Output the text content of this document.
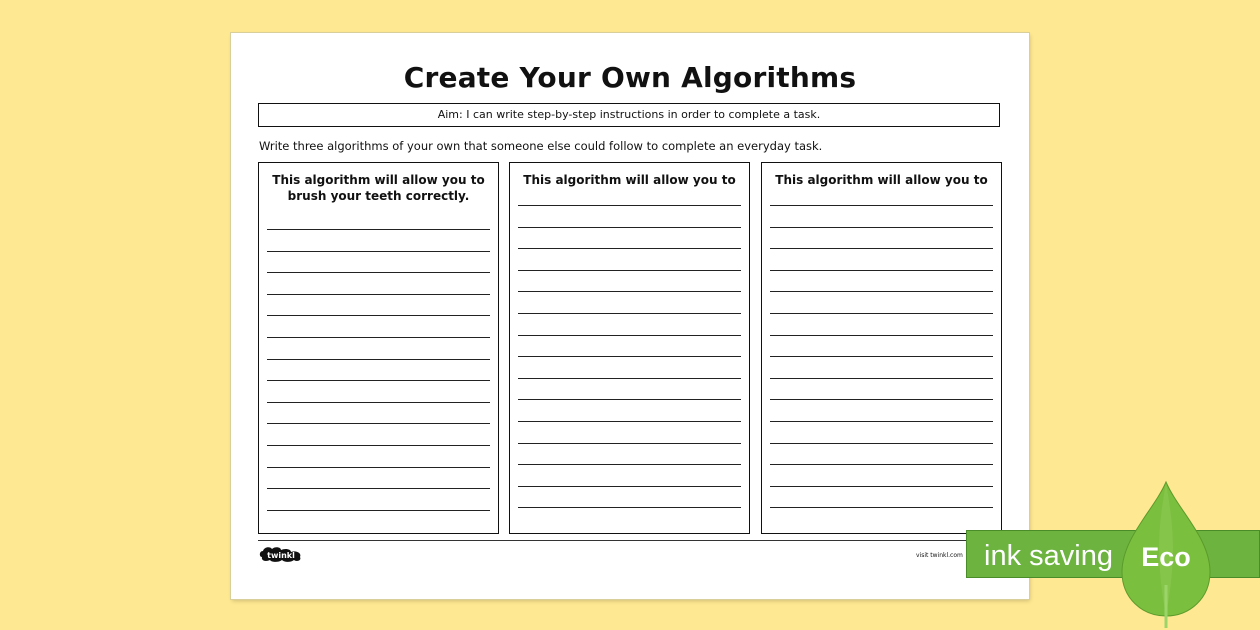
Create Your Own Algorithms
Aim: I can write step-by-step instructions in order to complete a task.
Write three algorithms of your own that someone else could follow to complete an everyday task.
This algorithm will allow you to
brush your teeth correctly.
This algorithm will allow you to	This algorithm will allow you to
twinkl	visit twinkl.com ink saving	Eco
